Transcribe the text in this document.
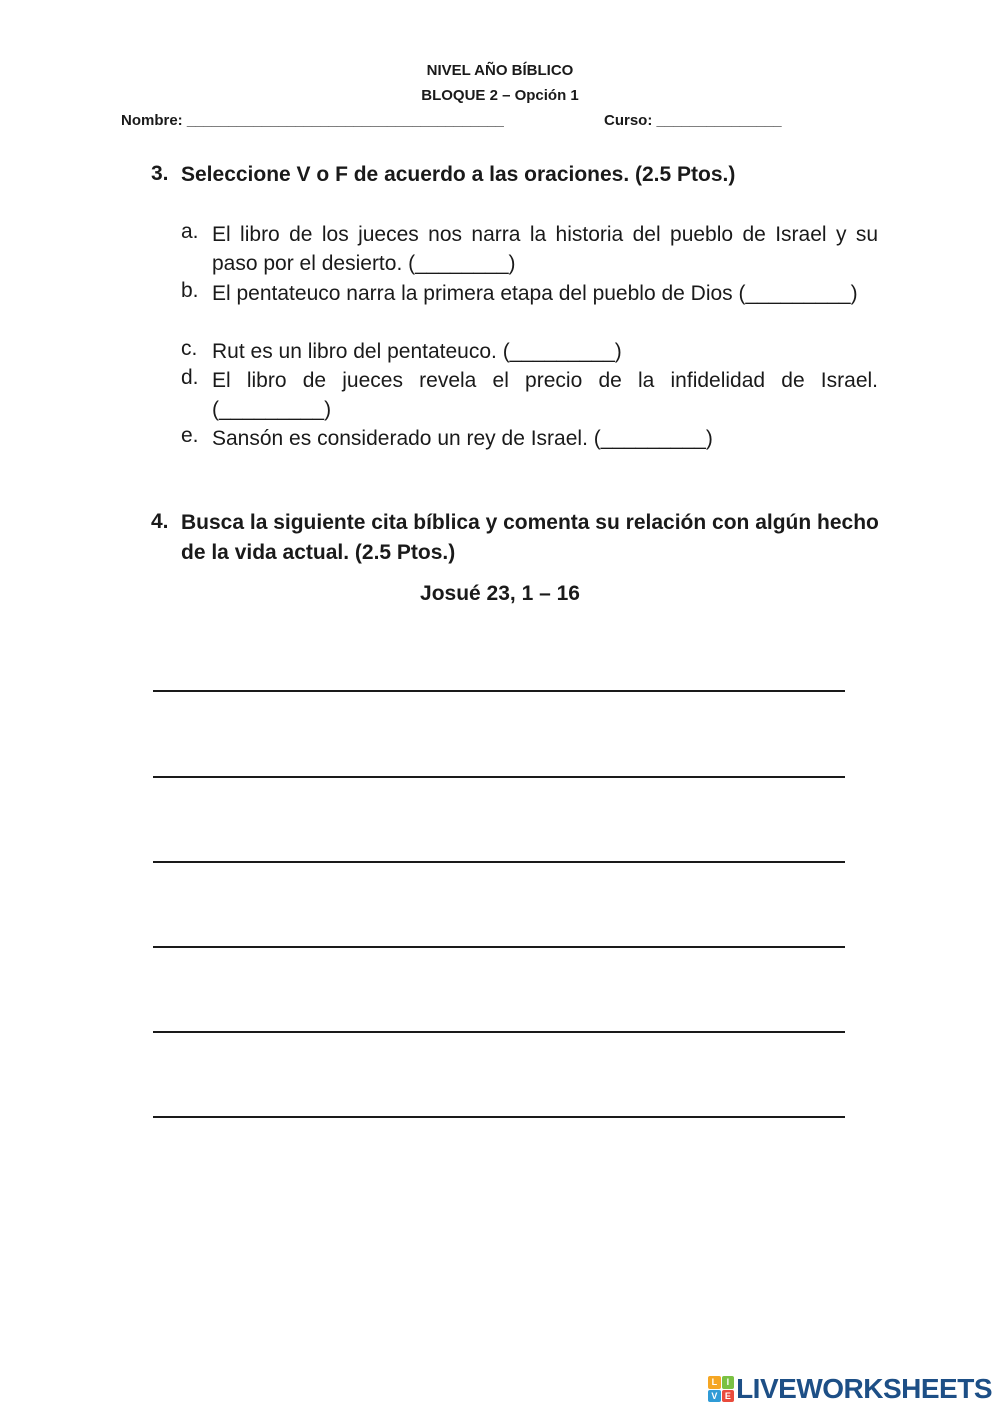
NIVEL AÑO BÍBLICO
BLOQUE 2 – Opción 1
Nombre: ______________________________________	Curso: _______________
3. Seleccione V o F de acuerdo a las oraciones. (2.5 Ptos.)
a. El libro de los jueces nos narra la historia del pueblo de Israel y su paso por el desierto. (________)
b. El pentateuco narra la primera etapa del pueblo de Dios (_________)
c. Rut es un libro del pentateuco. (_________)
d. El libro de jueces revela el precio de la infidelidad de Israel. (_________)
e. Sansón es considerado un rey de Israel. (_________)
4. Busca la siguiente cita bíblica y comenta su relación con algún hecho de la vida actual. (2.5 Ptos.)
Josué 23, 1 – 16
L	I
V E LIVEWORKSHEETS
